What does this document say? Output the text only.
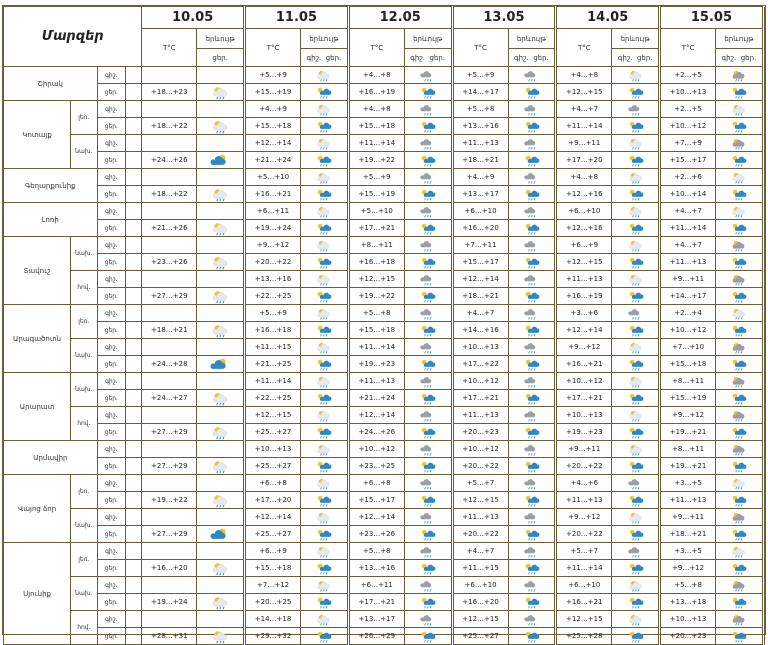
Մարզեր				10.05			11.05			12.05			13.05			14.05			15.05		
				T°C	երևույթ		T°C	երևույթ		T°C	երևույթ		T°C	երևույթ		T°C	երևույթ		T°C	երևույթ	
					ցեր.			գիշ. ցեր.			գիշ. ցեր.			գիշ. ցեր.			գիշ. ցեր.			գիշ. ցեր.	
Շիրակ		գիշ.					+5…+9			+4…+8			+5…+9			+4…+8			+2…+5	

		ցեր.		+18…+23			+15…+19			+16…+19			+14…+17			+12…+15			+10…+13	

Կոտայք	լեռ.	գիշ.					+4…+9			+4…+8			+5…+8			+4…+7			+2…+5	

		ցեր.		+18…+22			+15…+18			+15…+18			+13…+16			+11…+14			+10…+12	

	նախ.	գիշ.					+12…+14			+11…+14			+11…+13			+9…+11			+7…+9	

		ցեր.		+24…+26			+21…+24			+19…+22			+18…+21			+17…+20			+15…+17	

Գեղարքունիք		գիշ.					+5…+10			+5…+9			+4…+9			+4…+8			+2…+6	

		ցեր.		+18…+22			+16…+21			+15…+19			+13…+17			+12…+16			+10…+14	

Լոռի		գիշ.					+6…+11			+5…+10			+6…+10			+6…+10			+4…+7	

		ցեր.		+21…+26			+19…+24			+17…+21			+16…+20			+12…+16			+11…+14	

Տավուշ	նախ.	գիշ.					+9…+12			+8…+11			+7…+11			+6…+9			+4…+7	

		ցեր.		+23…+26			+20…+22			+16…+18			+15…+17			+12…+15			+11…+13	

	հով.	գիշ.					+13…+16			+12…+15			+12…+14			+11…+13			+9…+11	

		ցեր.		+27…+29			+22…+25			+19…+22			+18…+21			+16…+19			+14…+17	

Արագածոտն	լեռ.	գիշ.					+5…+9			+5…+8			+4…+7			+3…+6			+2…+4	

		ցեր.		+18…+21			+16…+18			+15…+18			+14…+16			+12…+14			+10…+12	

	նախ.	գիշ.					+11…+15			+11…+14			+10…+13			+9…+12			+7…+10	

		ցեր.		+24…+28			+21…+25			+19…+23			+17…+22			+16…+21			+15…+18	

Արարատ	նախ.	գիշ.					+11…+14			+11…+13			+10…+12			+10…+12			+8…+11	

		ցեր.		+24…+27			+22…+25			+21…+24			+17…+21			+17…+21			+15…+19	

	հով.	գիշ.					+12…+15			+12…+14			+11…+13			+10…+13			+9…+12	

		ցեր.		+27…+29			+25…+27			+24…+26			+20…+23			+19…+23			+19…+21	

Արմավիր		գիշ.					+10…+13			+10…+12			+10…+12			+9…+11			+8…+11	

		ցեր.		+27…+29			+25…+27			+23…+25			+20…+22			+20…+22			+19…+21	

Վայոց ձոր	լեռ.	գիշ.					+6…+8			+6…+8			+5…+7			+4…+6			+3…+5	

		ցեր.		+19…+22			+17…+20			+15…+17			+12…+15			+11…+13			+11…+13	

	նախ.	գիշ.					+12…+14			+12…+14			+11…+13			+9…+12			+9…+11	

		ցեր.		+27…+29			+25…+27			+23…+26			+20…+22			+20…+22			+18…+21	

Սյունիք	լեռ.	գիշ.					+6…+9			+5…+8			+4…+7			+5…+7			+3…+5	

		ցեր.		+16…+20			+15…+18			+13…+16			+11…+15			+11…+14			+9…+12	

	նախ.	գիշ.					+7…+12			+6…+11			+6…+10			+6…+10			+5…+8	

		ցեր.		+19…+24			+20…+25			+17…+21			+16…+20			+16…+21			+13…+18	

	հով.	գիշ.					+14…+18			+13…+17			+12…+15			+12…+15			+10…+13	

		ցեր.		+28…+31			+29…+32			+26…+29			+25…+27			+25…+28			+20…+23	
